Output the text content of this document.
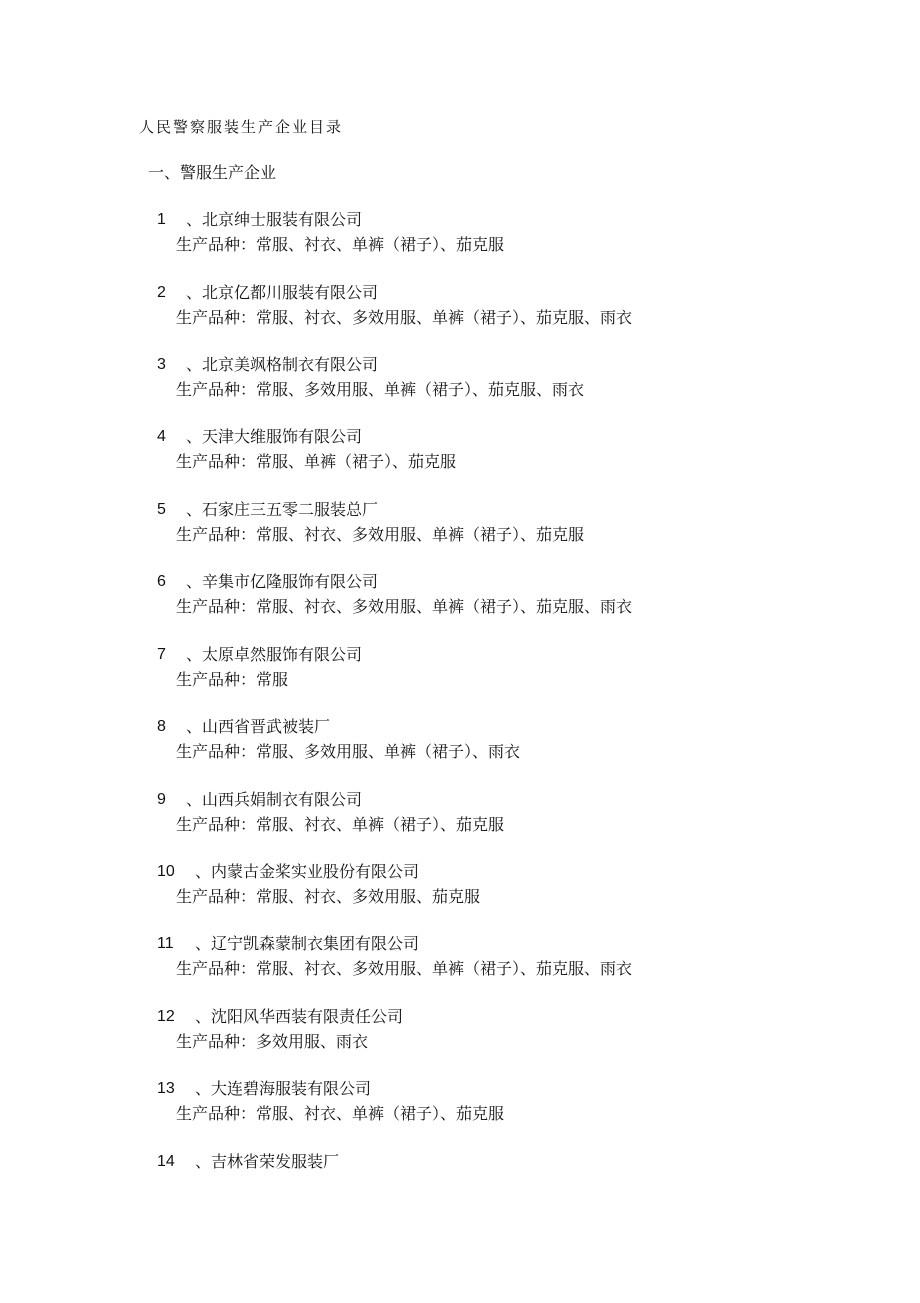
人民警察服装生产企业目录
一、警服生产企业
1 、北京绅士服装有限公司
生产品种：常服、衬衣、单裤（裙子）、茄克服
2 、北京亿都川服装有限公司
生产品种：常服、衬衣、多效用服、单裤（裙子）、茄克服、雨衣
3 、北京美飒格制衣有限公司
生产品种：常服、多效用服、单裤（裙子）、茄克服、雨衣
4 、天津大维服饰有限公司
生产品种：常服、单裤（裙子）、茄克服
5 、石家庄三五零二服装总厂
生产品种：常服、衬衣、多效用服、单裤（裙子）、茄克服
6 、辛集市亿隆服饰有限公司
生产品种：常服、衬衣、多效用服、单裤（裙子）、茄克服、雨衣
7 、太原卓然服饰有限公司
生产品种：常服
8 、山西省晋武被装厂
生产品种：常服、多效用服、单裤（裙子）、雨衣
9 、山西兵娟制衣有限公司
生产品种：常服、衬衣、单裤（裙子）、茄克服
10 、内蒙古金桨实业股份有限公司
生产品种：常服、衬衣、多效用服、茄克服
11 、辽宁凯森蒙制衣集团有限公司
生产品种：常服、衬衣、多效用服、单裤（裙子）、茄克服、雨衣
12 、沈阳风华西装有限责任公司
生产品种：多效用服、雨衣
13 、大连碧海服装有限公司
生产品种：常服、衬衣、单裤（裙子）、茄克服
14 、吉林省荣发服装厂
